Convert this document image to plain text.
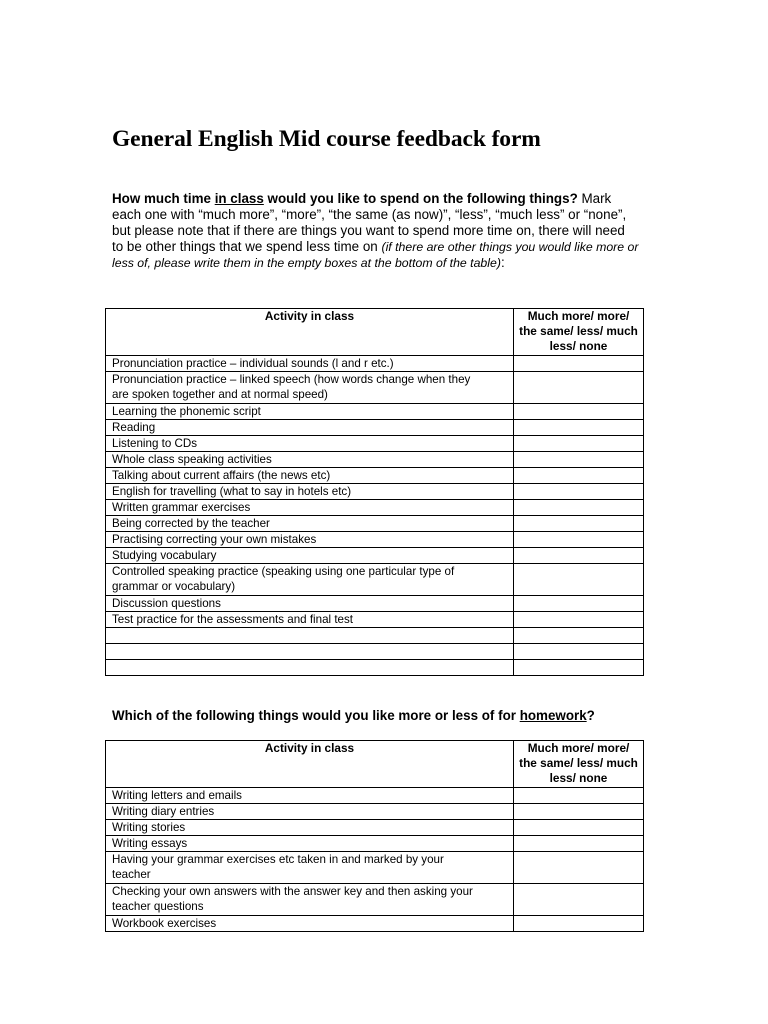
General English Mid course feedback form
How much time in class would you like to spend on the following things? Mark
each one with “much more”, “more”, “the same (as now)”, “less”, “much less” or “none”,
but please note that if there are things you want to spend more time on, there will need
to be other things that we spend less time on (if there are other things you would like more or
less of, please write them in the empty boxes at the bottom of the table):
Which of the following things would you like more or less of for homework?
Activity in class	Much more/ more/
the same/ less/ much
less/ none

Pronunciation practice – individual sounds (l and r etc.)	

Pronunciation practice – linked speech (how words change when they
are spoken together and at normal speed)	

Learning the phonemic script	

Reading	

Listening to CDs	

Whole class speaking activities	

Talking about current affairs (the news etc)	

English for travelling (what to say in hotels etc)	

Written grammar exercises	

Being corrected by the teacher	

Practising correcting your own mistakes	

Studying vocabulary	

Controlled speaking practice (speaking using one particular type of
grammar or vocabulary)	

Discussion questions	

Test practice for the assessments and final test	

Activity in class	Much more/ more/
the same/ less/ much
less/ none

Writing letters and emails	

Writing diary entries	

Writing stories	

Writing essays	

Having your grammar exercises etc taken in and marked by your
teacher	

Checking your own answers with the answer key and then asking your
teacher questions	

Workbook exercises	
